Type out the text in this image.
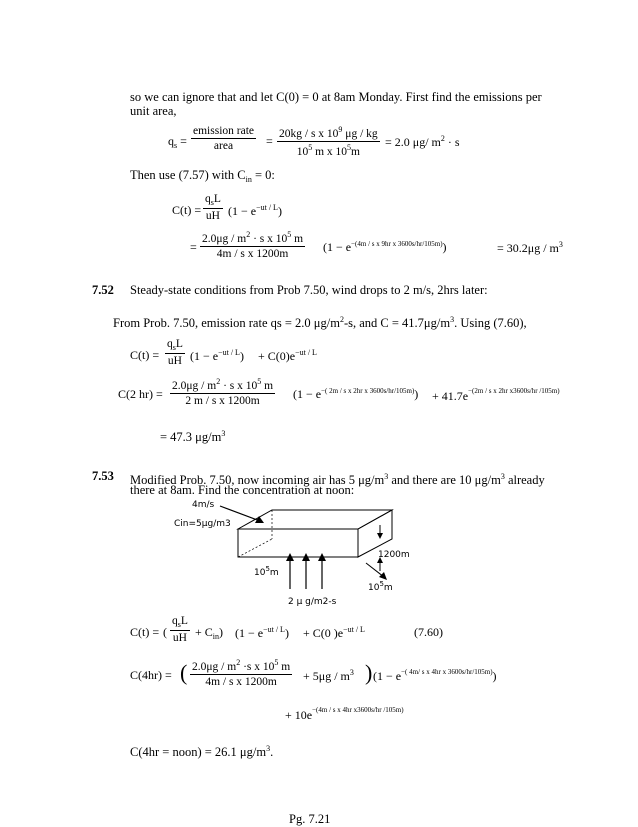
so we can ignore that and let C(0) = 0 at 8am Monday. First find the emissions per
unit area,
$q_s$ =
emission rate
area	= $\frac{20kg / s x 10^9 \mu g / kg}{10^5 m x 10^5m} = 2.0$ μg/ $m^2 \cdot s$
Then use (7.57) with $C_{in} = 0$:
C(t) =
$q_sL$
uH $(1 - e^{-ut / L})$
= $\frac{2.0\mu g / m^2 \cdot s x 10^5 m}{\text{4m / s x 1200m}} (1 - e^{-(4m / s x 9hr x 3600s/hr/105m)})$	= $30.2\mu g / m^3$
7.52 Steady-state conditions from Prob 7.50, wind drops to 2 m/s, 2hrs later:
From Prob. 7.50, emission rate qs = 2.0 $\mu g/m^2-s$, and $C = 41.7\mu g/m^3$. Using (7.60),
C(t) =
$q_sL$
uH $(1 - e^{-ut / L}) + C(0)e^{-ut / L}$
C(2 $hr) = \frac{2.0\mu g / m^2 \cdot s x 10^5 m}{\text{2 m / s x 1200m}} (1 - e^{-( 2m / s x 2hr x 3600s/hr/105m)}) + 41.7e^{-(2m / s x 2hr x3600s/hr /105m)}$
= 47.3 $\mu g/m^3$
7.53 Modified Prob. 7.50, now incoming air has 5 $\mu g/m^3$ and there are 10 $\mu g/m^3$ already
there at 8am. Find the concentration at noon:
4m/s
Cin=5μg/m3
1200m
$10^5m$
$10^5m$
2 μ g/m2-s
C(t) = (
$q_sL$
uH + $C_{in}$) $(1 - e^{-ut / L}) + C(0$ )$e^{-ut / L}$	(7.60)
C(4hr) = ( $\frac{2.0\mu g / m^2 \cdot s x 10^5 m}{\text{4m / s x 1200m}} + 5\mu g / m^3$ ) $(1 - e^{-( 4m/ s x 4hr x 3600s/hr/105m)})$
+ $10e^{-(4m / s x 4hr x3600s/hr /105m)}$
C(4hr = noon) = 26.1 $\mu g/m^3$.
Pg. 7.21
